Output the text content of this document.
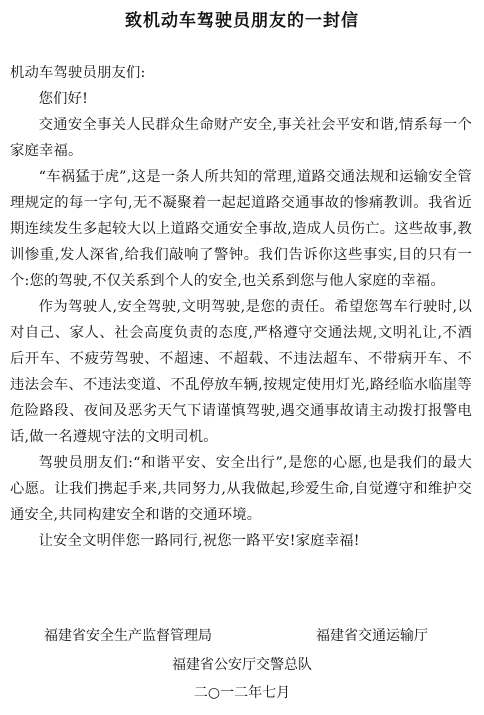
致机动车驾驶员朋友的一封信

机动车驾驶员朋友们:

您们好!

交通安全事关人民群众生命财产安全,事关社会平安和谐,情系每一个家庭幸福。

“车祸猛于虎”,这是一条人所共知的常理,道路交通法规和运输安全管理规定的每一字句,无不凝聚着一起起道路交通事故的惨痛教训。我省近期连续发生多起较大以上道路交通安全事故,造成人员伤亡。这些故事,教训惨重,发人深省,给我们敲响了警钟。我们告诉你这些事实,目的只有一个:您的驾驶,不仅关系到个人的安全,也关系到您与他人家庭的幸福。

作为驾驶人,安全驾驶,文明驾驶,是您的责任。希望您驾车行驶时,以对自己、家人、社会高度负责的态度,严格遵守交通法规,文明礼让,不酒后开车、不疲劳驾驶、不超速、不超载、不违法超车、不带病开车、不违法会车、不违法变道、不乱停放车辆,按规定使用灯光,路经临水临崖等危险路段、夜间及恶劣天气下请谨慎驾驶,遇交通事故请主动拨打报警电话,做一名遵规守法的文明司机。

驾驶员朋友们:“和谐平安、安全出行”,是您的心愿,也是我们的最大心愿。让我们携起手来,共同努力,从我做起,珍爱生命,自觉遵守和维护交通安全,共同构建安全和谐的交通环境。

让安全文明伴您一路同行,祝您一路平安!家庭幸福!

福建省安全生产监督管理局	福建省交通运输厅
福建省公安厅交警总队
二○一二年七月
